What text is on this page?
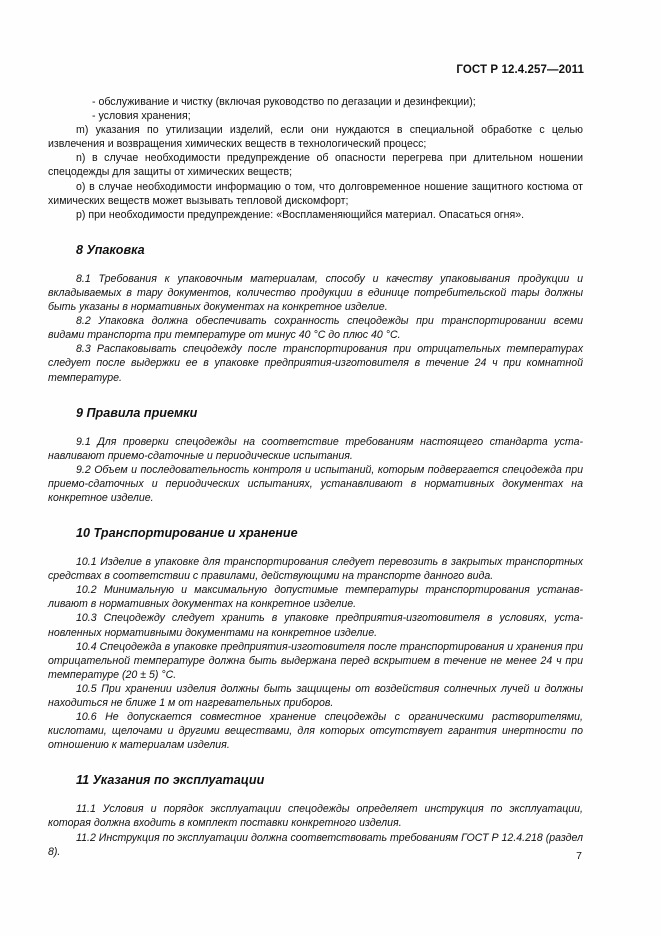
ГОСТ Р 12.4.257—2011

- обслуживание и чистку (включая руководство по дегазации и дезинфекции);

- условия хранения;

m) указания по утилизации изделий, если они нуждаются в специальной обработке с целью извлечения и возвращения химических веществ в технологический процесс;

n) в случае необходимости предупреждение об опасности перегрева при длительном ношении спецодежды для защиты от химических веществ;

o) в случае необходимости информацию о том, что долговременное ношение защитного костюма от химических веществ может вызывать тепловой дискомфорт;

p) при необходимости предупреждение: «Воспламеняющийся материал. Опасаться огня».

8 Упаковка

8.1 Требования к упаковочным материалам, способу и качеству упаковывания продукции и вкладываемых в тару документов, количество продукции в единице потребительской тары должны быть указаны в нормативных документах на конкретное изделие.

8.2 Упаковка должна обеспечивать сохранность спецодежды при транспортировании всеми видами транспорта при температуре от минус 40 °С до плюс 40 °С.

8.3 Распаковывать спецодежду после транспортирования при отрицательных температурах следует после выдержки ее в упаковке предприятия-изготовителя в течение 24 ч при комнатной температуре.

9 Правила приемки

9.1 Для проверки спецодежды на соответствие требованиям настоящего стандарта устанавливают приемо-сдаточные и периодические испытания.

9.2 Объем и последовательность контроля и испытаний, которым подвергается спецодежда при приемо-сдаточных и периодических испытаниях, устанавливают в нормативных документах на конкретное изделие.

10 Транспортирование и хранение

10.1 Изделие в упаковке для транспортирования следует перевозить в закрытых транспортных средствах в соответствии с правилами, действующими на транспорте данного вида.

10.2 Минимальную и максимальную допустимые температуры транспортирования устанавливают в нормативных документах на конкретное изделие.

10.3 Спецодежду следует хранить в упаковке предприятия-изготовителя в условиях, установленных нормативными документами на конкретное изделие.

10.4 Спецодежда в упаковке предприятия-изготовителя после транспортирования и хранения при отрицательной температуре должна быть выдержана перед вскрытием в течение не менее 24 ч при температуре (20 ± 5) °С.

10.5 При хранении изделия должны быть защищены от воздействия солнечных лучей и должны находиться не ближе 1 м от нагревательных приборов.

10.6 Не допускается совместное хранение спецодежды с органическими растворителями, кислотами, щелочами и другими веществами, для которых отсутствует гарантия инертности по отношению к материалам изделия.

11 Указания по эксплуатации

11.1 Условия и порядок эксплуатации спецодежды определяет инструкция по эксплуатации, которая должна входить в комплект поставки конкретного изделия.

11.2 Инструкция по эксплуатации должна соответствовать требованиям ГОСТ Р 12.4.218 (раздел 8).	7
